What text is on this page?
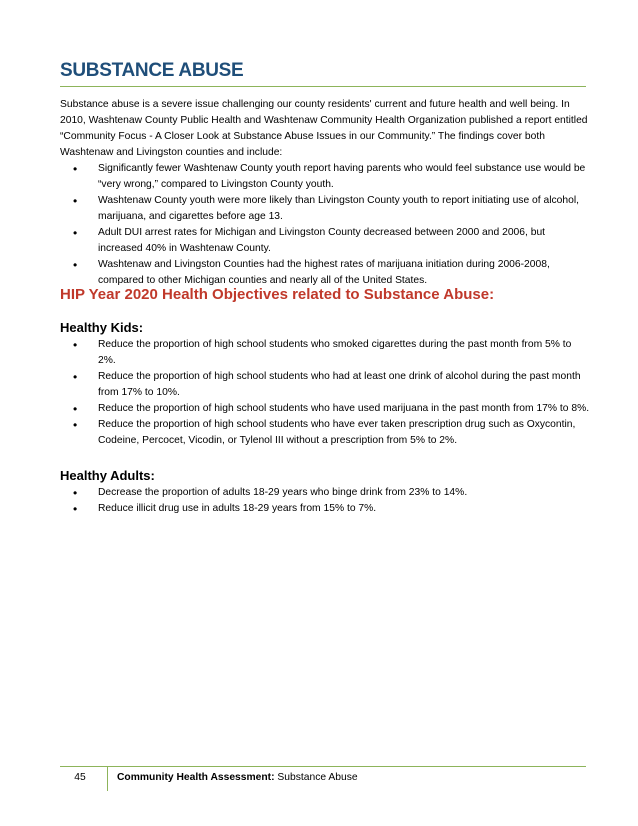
SUBSTANCE ABUSE

Substance abuse is a severe issue challenging our county residents' current and future health and well being. In 2010, Washtenaw County Public Health and Washtenaw Community Health Organization published a report entitled “Community Focus - A Closer Look at Substance Abuse Issues in our Community.” The findings cover both Washtenaw and Livingston counties and include:

• Significantly fewer Washtenaw County youth report having parents who would feel substance use would be “very wrong,” compared to Livingston County youth.
• Washtenaw County youth were more likely than Livingston County youth to report initiating use of alcohol, marijuana, and cigarettes before age 13.
• Adult DUI arrest rates for Michigan and Livingston County decreased between 2000 and 2006, but increased 40% in Washtenaw County.
• Washtenaw and Livingston Counties had the highest rates of marijuana initiation during 2006-2008, compared to other Michigan counties and nearly all of the United States.
HIP Year 2020 Health Objectives related to Substance Abuse:
Healthy Kids:
• Reduce the proportion of high school students who smoked cigarettes during the past month from 5% to 2%.
• Reduce the proportion of high school students who had at least one drink of alcohol during the past month from 17% to 10%.
• Reduce the proportion of high school students who have used marijuana in the past month from 17% to 8%.
• Reduce the proportion of high school students who have ever taken prescription drug such as Oxycontin, Codeine, Percocet, Vicodin, or Tylenol III without a prescription from 5% to 2%.
Healthy Adults:
• Decrease the proportion of adults 18-29 years who binge drink from 23% to 14%.
• Reduce illicit drug use in adults 18-29 years from 15% to 7%.
45	Community Health Assessment: Substance Abuse
